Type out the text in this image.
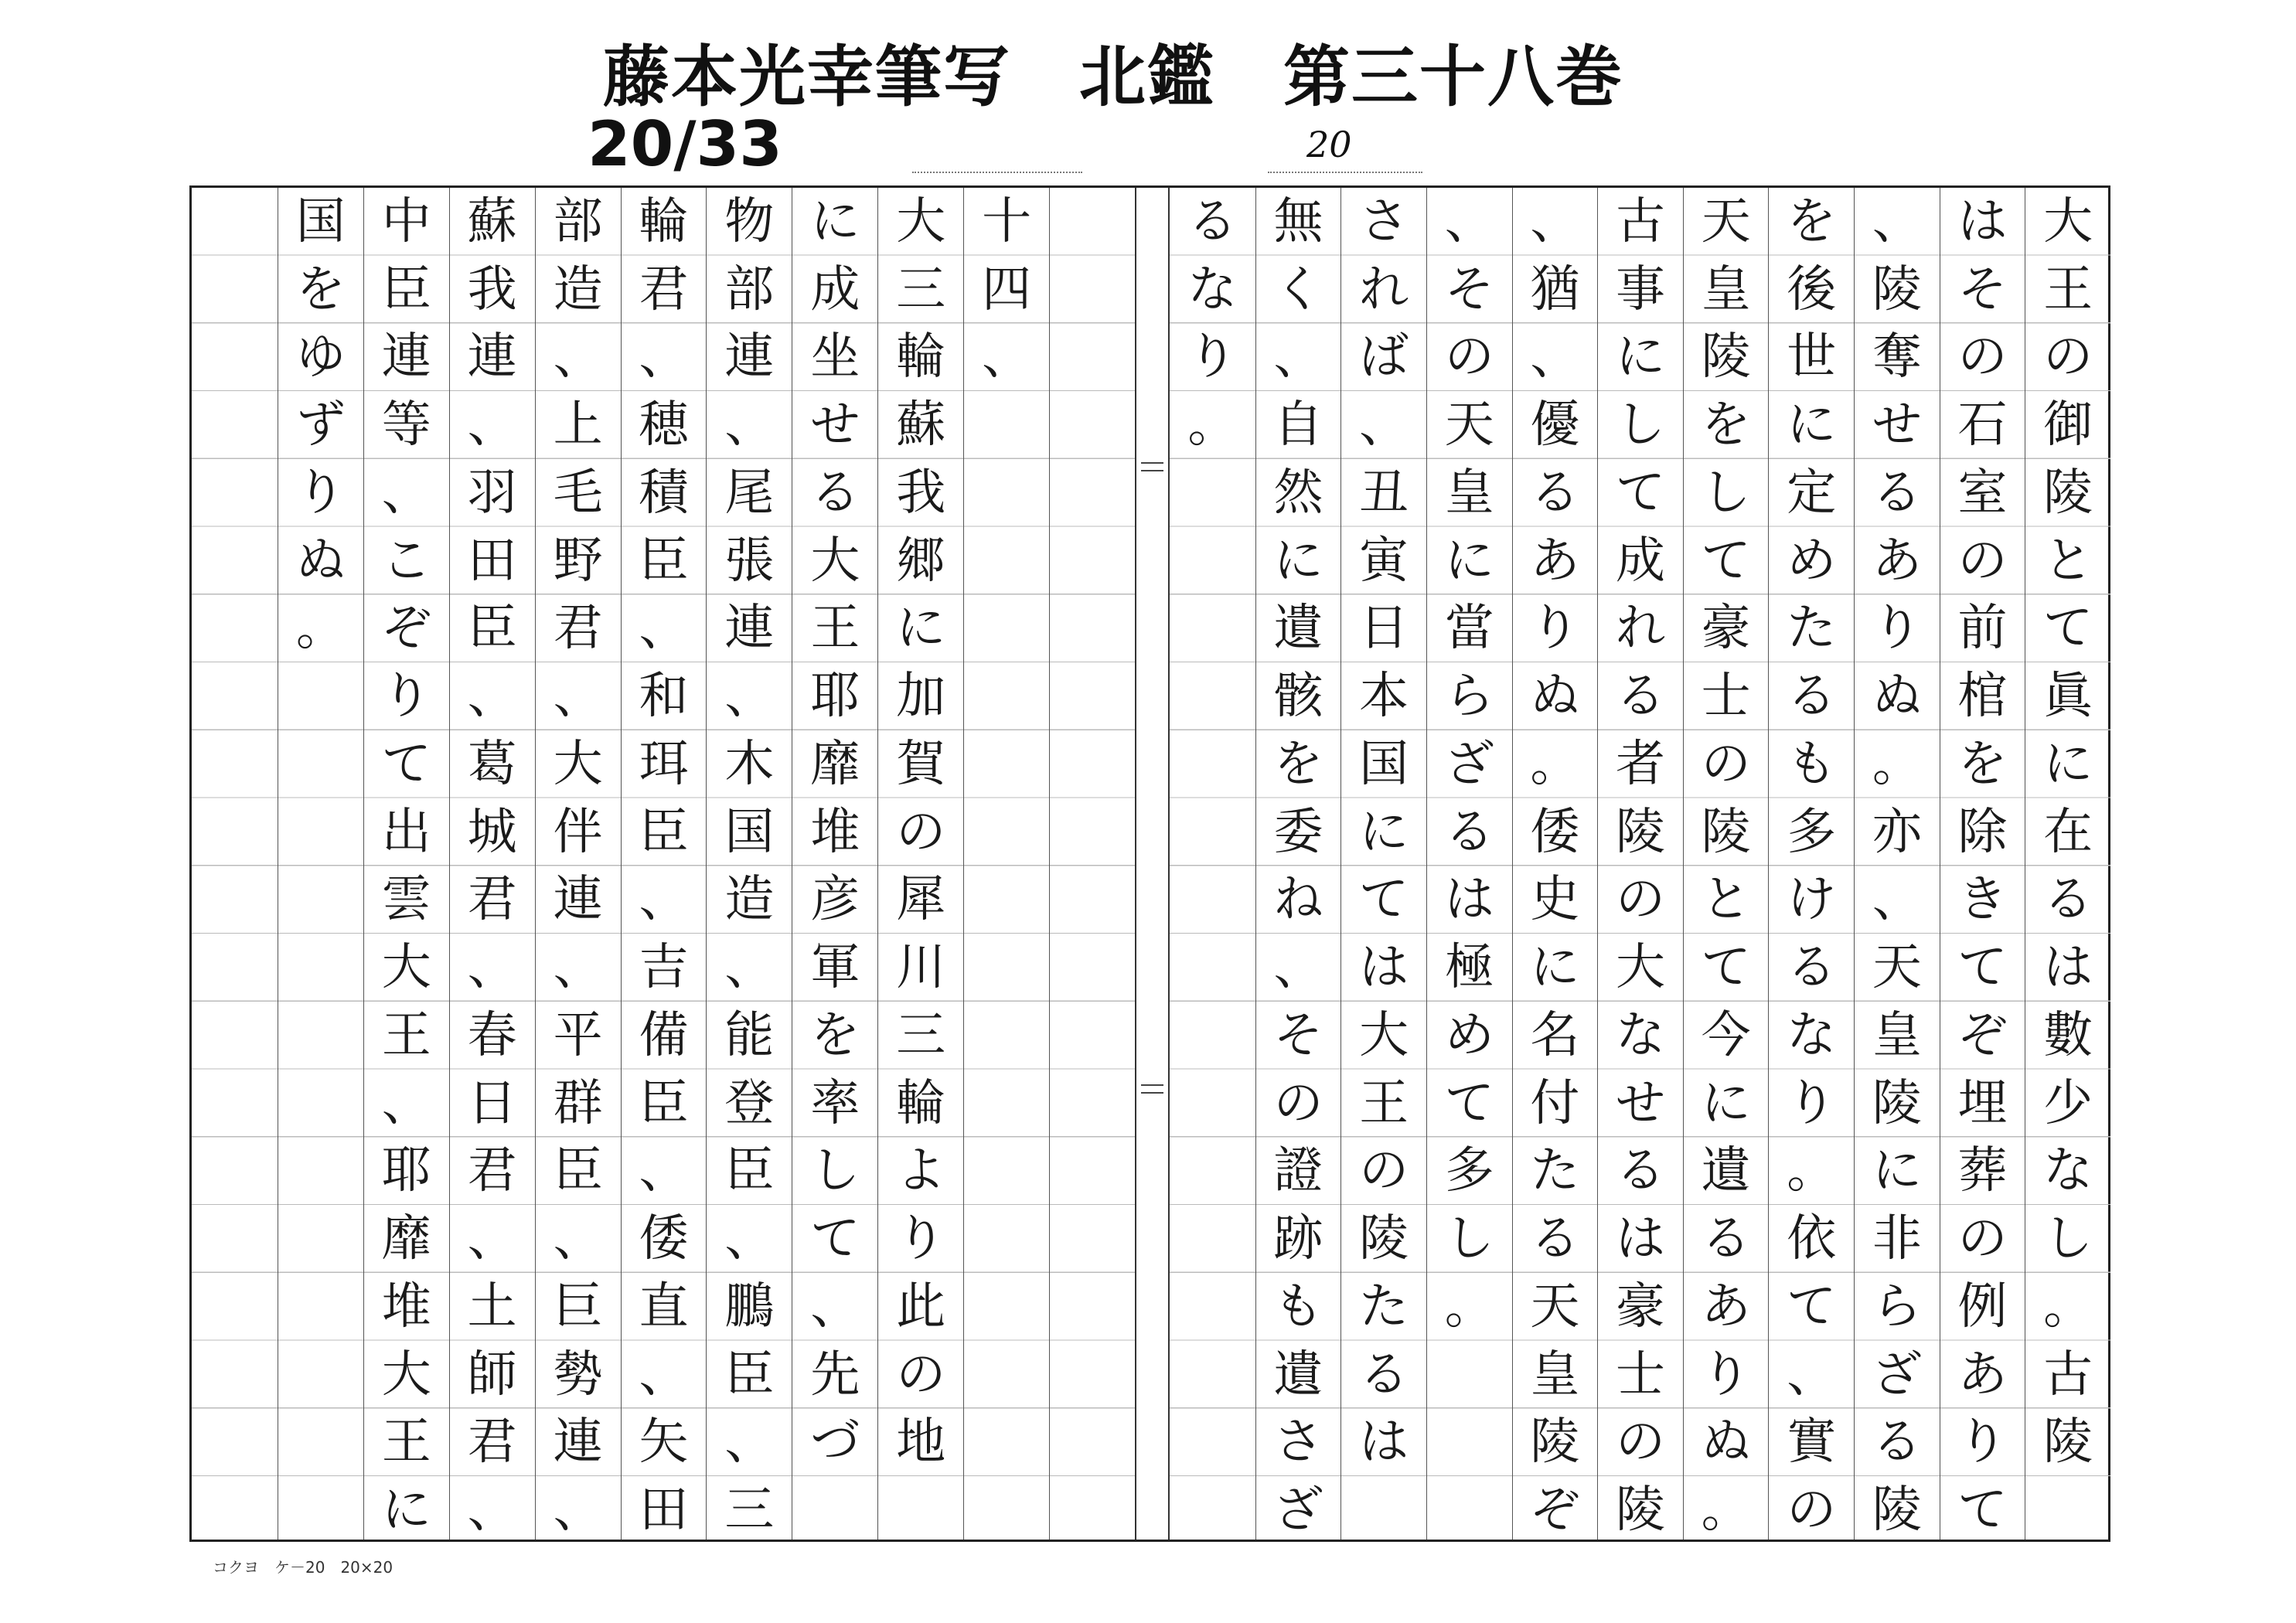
藤本光幸筆写　北鑑　第三十八巻
20/33	20
十
四
、
大
三
輪
蘇
我
郷
に
加
賀
の
犀
川
三
輪
よ
り
此
の
地
に
成
坐
せ
る
大
王
耶
靡
堆
彦
軍
を
率
し
て
、
先
づ
物
部
連
、
尾
張
連
、
木
国
造
、
能
登
臣
、
鵬
臣
、
三
輪
君
、
穂
積
臣
、
和
珥
臣
、
吉
備
臣
、
倭
直
、
矢
田
部
造
、
上
毛
野
君
、
大
伴
連
、
平
群
臣
、
巨
勢
連
、
蘇
我
連
、
羽
田
臣
、
葛
城
君
、
春
日
君
、
土
師
君
、
中
臣
連
等
、
こ
ぞ
り
て
出
雲
大
王
、
耶
靡
堆
大
王
に
国
を
ゆ
ず
り
ぬ
。
大
王
の
御
陵
と
て
眞
に
在
る
は
數
少
な
し
。
古
陵
は
そ
の
石
室
の
前
棺
を
除
き
て
ぞ
埋
葬
の
例
あ
り
て
、
陵
奪
せ
る
あ
り
ぬ
。
亦
、
天
皇
陵
に
非
ら
ざ
る
陵
を
後
世
に
定
め
た
る
も
多
け
る
な
り
。
依
て
、
實
の
天
皇
陵
を
し
て
豪
士
の
陵
と
て
今
に
遺
る
あ
り
ぬ
。
古
事
に
し
て
成
れ
る
者
陵
の
大
な
せ
る
は
豪
士
の
陵
、
猶
、
優
る
あ
り
ぬ
。
倭
史
に
名
付
た
る
天
皇
陵
ぞ
、
そ
の
天
皇
に
當
ら
ざ
る
は
極
め
て
多
し
。
さ
れ
ば
、
丑
寅
日
本
国
に
て
は
大
王
の
陵
た
る
は
無
く
、
自
然
に
遺
骸
を
委
ね
、
そ
の
證
跡
も
遺
さ
ざ
る
な
り
。
コクヨ　ケ－20　20×20
